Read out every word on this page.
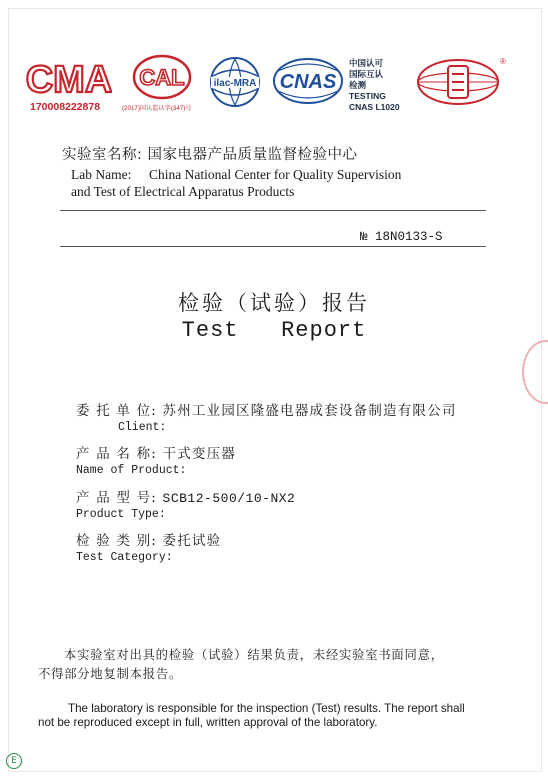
CMA
170008222878
CAL
(2017)国认监认字(347)号
ilac-MRA CNAS
中国认可
国际互认
检测
TESTING
CNAS L1020
®
实验室名称: 国家电器产品质量监督检验中心
Lab Name: China National Center for Quality Supervision
and Test of Electrical Apparatus Products
№ 18N0133-S
检验（试验）报告
Test   Report
委 托 单 位: 苏州工业园区隆盛电器成套设备制造有限公司
Client:
产 品 名 称: 干式变压器
Name of Product:
产 品 型 号: SCB12-500/10-NX2
Product Type:
检 验 类 别: 委托试验
Test Category:
本实验室对出具的检验（试验）结果负责，未经实验室书面同意，
不得部分地复制本报告。
The laboratory is responsible for the inspection (Test) results. The report shall
not be reproduced except in full, written approval of the laboratory.
E
